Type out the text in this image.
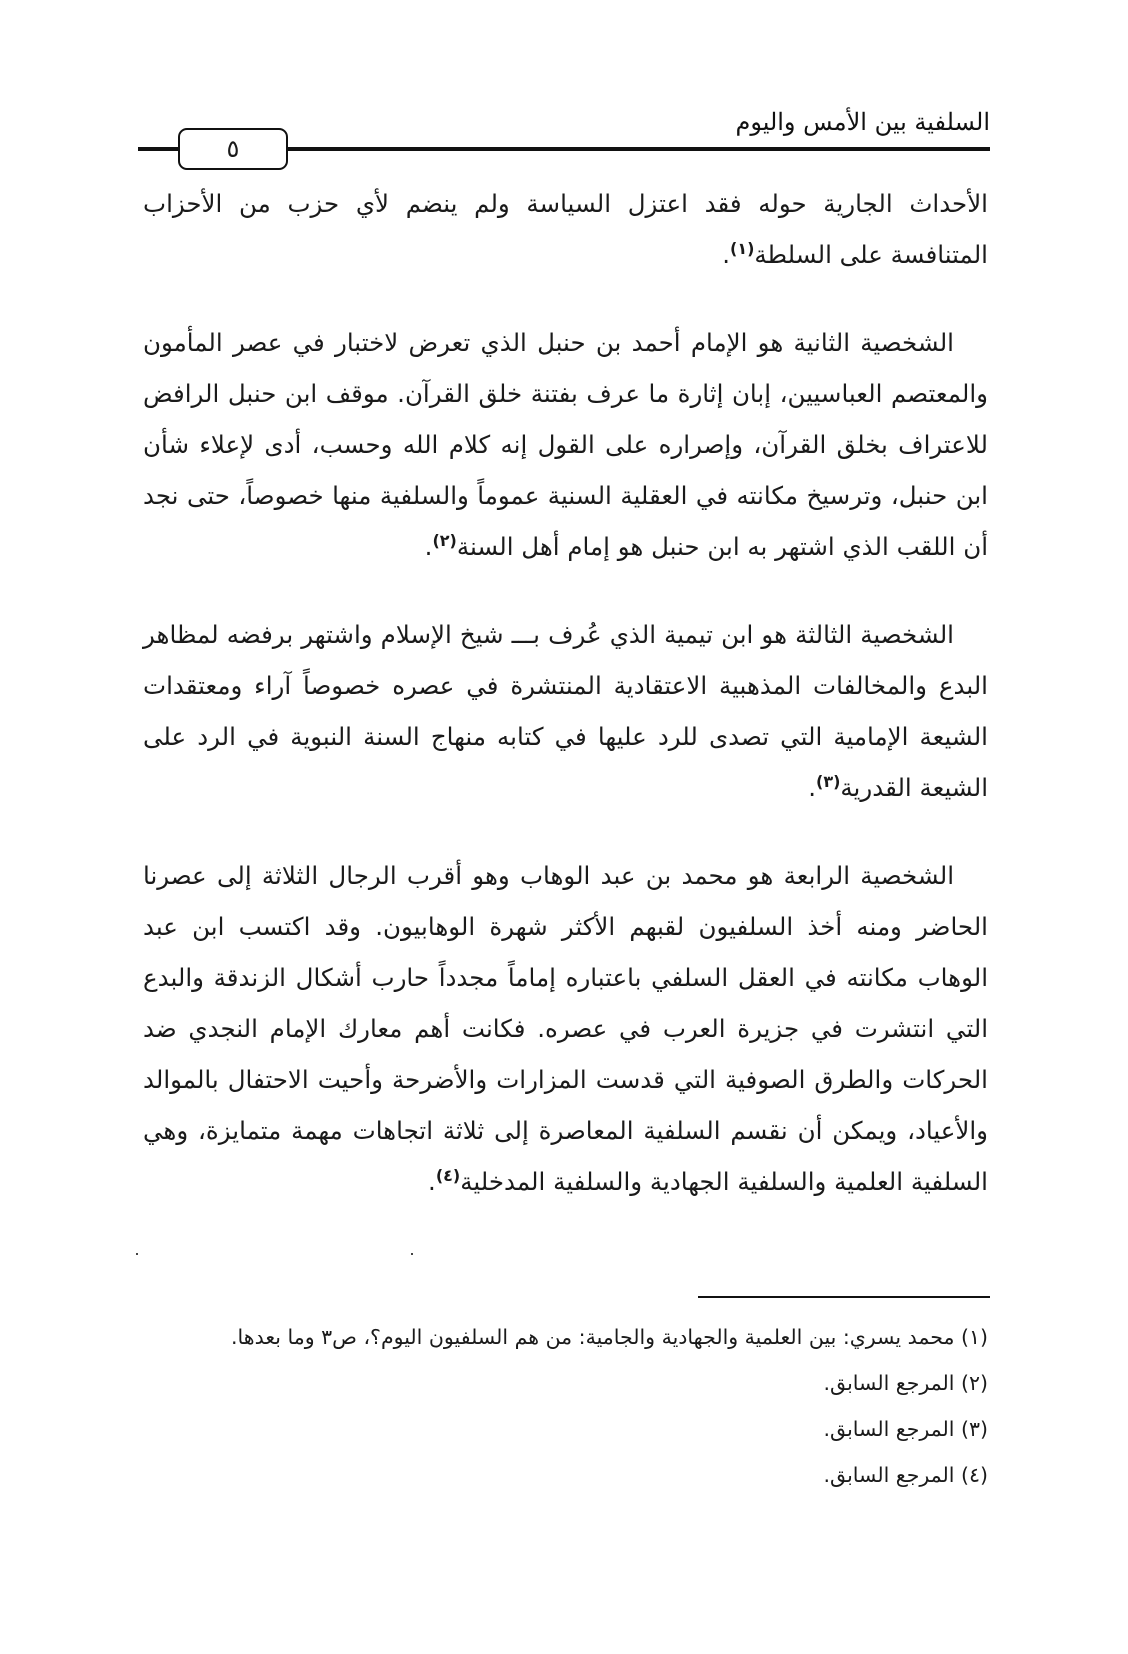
السلفية بين الأمس واليوم
٥

الأحداث الجارية حوله فقد اعتزل السياسة ولم ينضم لأي حزب من الأحزاب المتنافسة على السلطة$^{(١)}$.

الشخصية الثانية هو الإمام أحمد بن حنبل الذي تعرض لاختبار في عصر المأمون والمعتصم العباسيين، إبان إثارة ما عرف بفتنة خلق القرآن. موقف ابن حنبل الرافض للاعتراف بخلق القرآن، وإصراره على القول إنه كلام الله وحسب، أدى لإعلاء شأن ابن حنبل، وترسيخ مكانته في العقلية السنية عموماً والسلفية منها خصوصاً، حتى نجد أن اللقب الذي اشتهر به ابن حنبل هو إمام أهل السنة$^{(٢)}$.

الشخصية الثالثة هو ابن تيمية الذي عُرف بـــ شيخ الإسلام واشتهر برفضه لمظاهر البدع والمخالفات المذهبية الاعتقادية المنتشرة في عصره خصوصاً آراء ومعتقدات الشيعة الإمامية التي تصدى للرد عليها في كتابه منهاج السنة النبوية في الرد على الشيعة القدرية$^{(٣)}$.

الشخصية الرابعة هو محمد بن عبد الوهاب وهو أقرب الرجال الثلاثة إلى عصرنا الحاضر ومنه أخذ السلفيون لقبهم الأكثر شهرة الوهابيون. وقد اكتسب ابن عبد الوهاب مكانته في العقل السلفي باعتباره إماماً مجدداً حارب أشكال الزندقة والبدع التي انتشرت في جزيرة العرب في عصره. فكانت أهم معارك الإمام النجدي ضد الحركات والطرق الصوفية التي قدست المزارات والأضرحة وأحيت الاحتفال بالموالد والأعياد، ويمكن أن نقسم السلفية المعاصرة إلى ثلاثة اتجاهات مهمة متمايزة، وهي السلفية العلمية والسلفية الجهادية والسلفية المدخلية$^{(٤)}$.

(١) محمد يسري: بين العلمية والجهادية والجامية: من هم السلفيون اليوم؟، ص٣ وما بعدها.
(٢) المرجع السابق.
(٣) المرجع السابق.
(٤) المرجع السابق.
